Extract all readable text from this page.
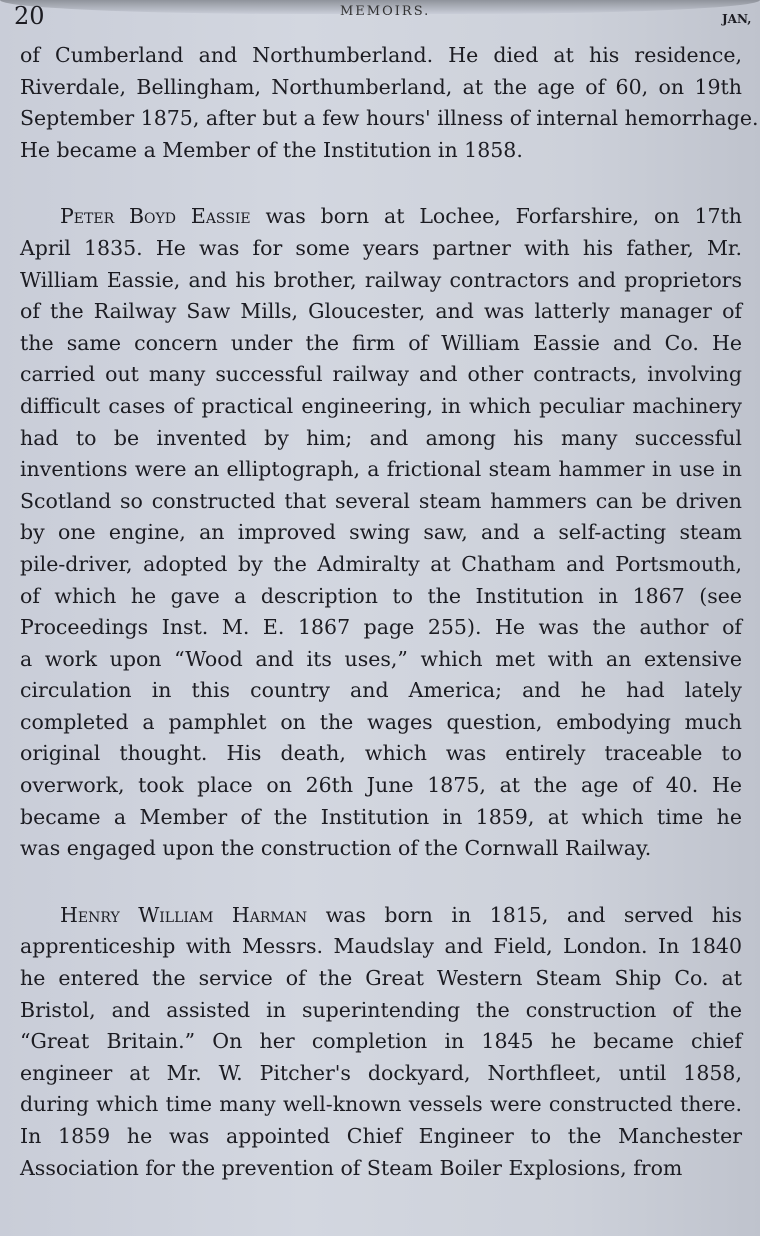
20	MEMOIRS.	JAN,
of Cumberland and Northumberland. He died at his residence,
Riverdale, Bellingham, Northumberland, at the age of 60, on 19th
September 1875, after but a few hours' illness of internal hemorrhage.
He became a Member of the Institution in 1858.
Peter Boyd Eassie was born at Lochee, Forfarshire, on 17th
April 1835. He was for some years partner with his father, Mr.
William Eassie, and his brother, railway contractors and proprietors
of the Railway Saw Mills, Gloucester, and was latterly manager of
the same concern under the firm of William Eassie and Co. He
carried out many successful railway and other contracts, involving
difficult cases of practical engineering, in which peculiar machinery
had to be invented by him; and among his many successful
inventions were an elliptograph, a frictional steam hammer in use in
Scotland so constructed that several steam hammers can be driven
by one engine, an improved swing saw, and a self-acting steam
pile-driver, adopted by the Admiralty at Chatham and Portsmouth,
of which he gave a description to the Institution in 1867 (see
Proceedings Inst. M. E. 1867 page 255). He was the author of
a work upon “Wood and its uses,” which met with an extensive
circulation in this country and America; and he had lately
completed a pamphlet on the wages question, embodying much
original thought. His death, which was entirely traceable to
overwork, took place on 26th June 1875, at the age of 40. He
became a Member of the Institution in 1859, at which time he
was engaged upon the construction of the Cornwall Railway.
Henry William Harman was born in 1815, and served his
apprenticeship with Messrs. Maudslay and Field, London. In 1840
he entered the service of the Great Western Steam Ship Co. at
Bristol, and assisted in superintending the construction of the
“Great Britain.” On her completion in 1845 he became chief
engineer at Mr. W. Pitcher's dockyard, Northfleet, until 1858,
during which time many well-known vessels were constructed there.
In 1859 he was appointed Chief Engineer to the Manchester
Association for the prevention of Steam Boiler Explosions, from
